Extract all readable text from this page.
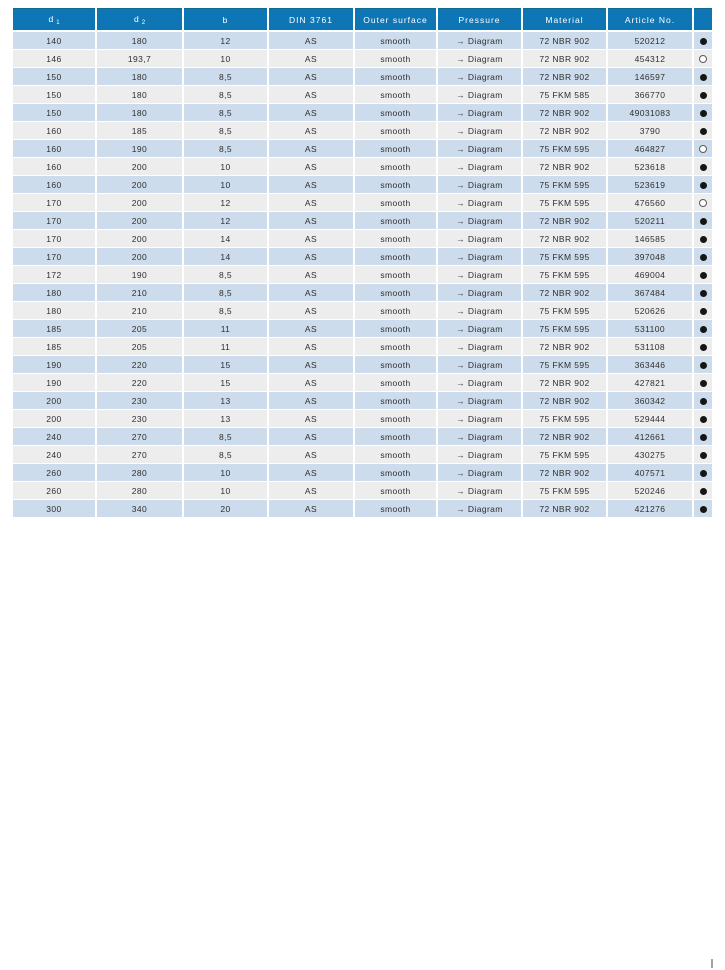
d $_1$	d $_2$	b	DIN 3761	Outer surface	Pressure	Material	Article No.	
140	180	12	AS	smooth	→ Diagram	72 NBR 902	520212	
146	193,7	10	AS	smooth	→ Diagram	72 NBR 902	454312	
150	180	8,5	AS	smooth	→ Diagram	72 NBR 902	146597	
150	180	8,5	AS	smooth	→ Diagram	75 FKM 585	366770	
150	180	8,5	AS	smooth	→ Diagram	72 NBR 902	49031083	
160	185	8,5	AS	smooth	→ Diagram	72 NBR 902	3790	
160	190	8,5	AS	smooth	→ Diagram	75 FKM 595	464827	
160	200	10	AS	smooth	→ Diagram	72 NBR 902	523618	
160	200	10	AS	smooth	→ Diagram	75 FKM 595	523619	
170	200	12	AS	smooth	→ Diagram	75 FKM 595	476560	
170	200	12	AS	smooth	→ Diagram	72 NBR 902	520211	
170	200	14	AS	smooth	→ Diagram	72 NBR 902	146585	
170	200	14	AS	smooth	→ Diagram	75 FKM 595	397048	
172	190	8,5	AS	smooth	→ Diagram	75 FKM 595	469004	
180	210	8,5	AS	smooth	→ Diagram	72 NBR 902	367484	
180	210	8,5	AS	smooth	→ Diagram	75 FKM 595	520626	
185	205	11	AS	smooth	→ Diagram	75 FKM 595	531100	
185	205	11	AS	smooth	→ Diagram	72 NBR 902	531108	
190	220	15	AS	smooth	→ Diagram	75 FKM 595	363446	
190	220	15	AS	smooth	→ Diagram	72 NBR 902	427821	
200	230	13	AS	smooth	→ Diagram	72 NBR 902	360342	
200	230	13	AS	smooth	→ Diagram	75 FKM 595	529444	
240	270	8,5	AS	smooth	→ Diagram	72 NBR 902	412661	
240	270	8,5	AS	smooth	→ Diagram	75 FKM 595	430275	
260	280	10	AS	smooth	→ Diagram	72 NBR 902	407571	
260	280	10	AS	smooth	→ Diagram	75 FKM 595	520246	
300	340	20	AS	smooth	→ Diagram	72 NBR 902	421276	
